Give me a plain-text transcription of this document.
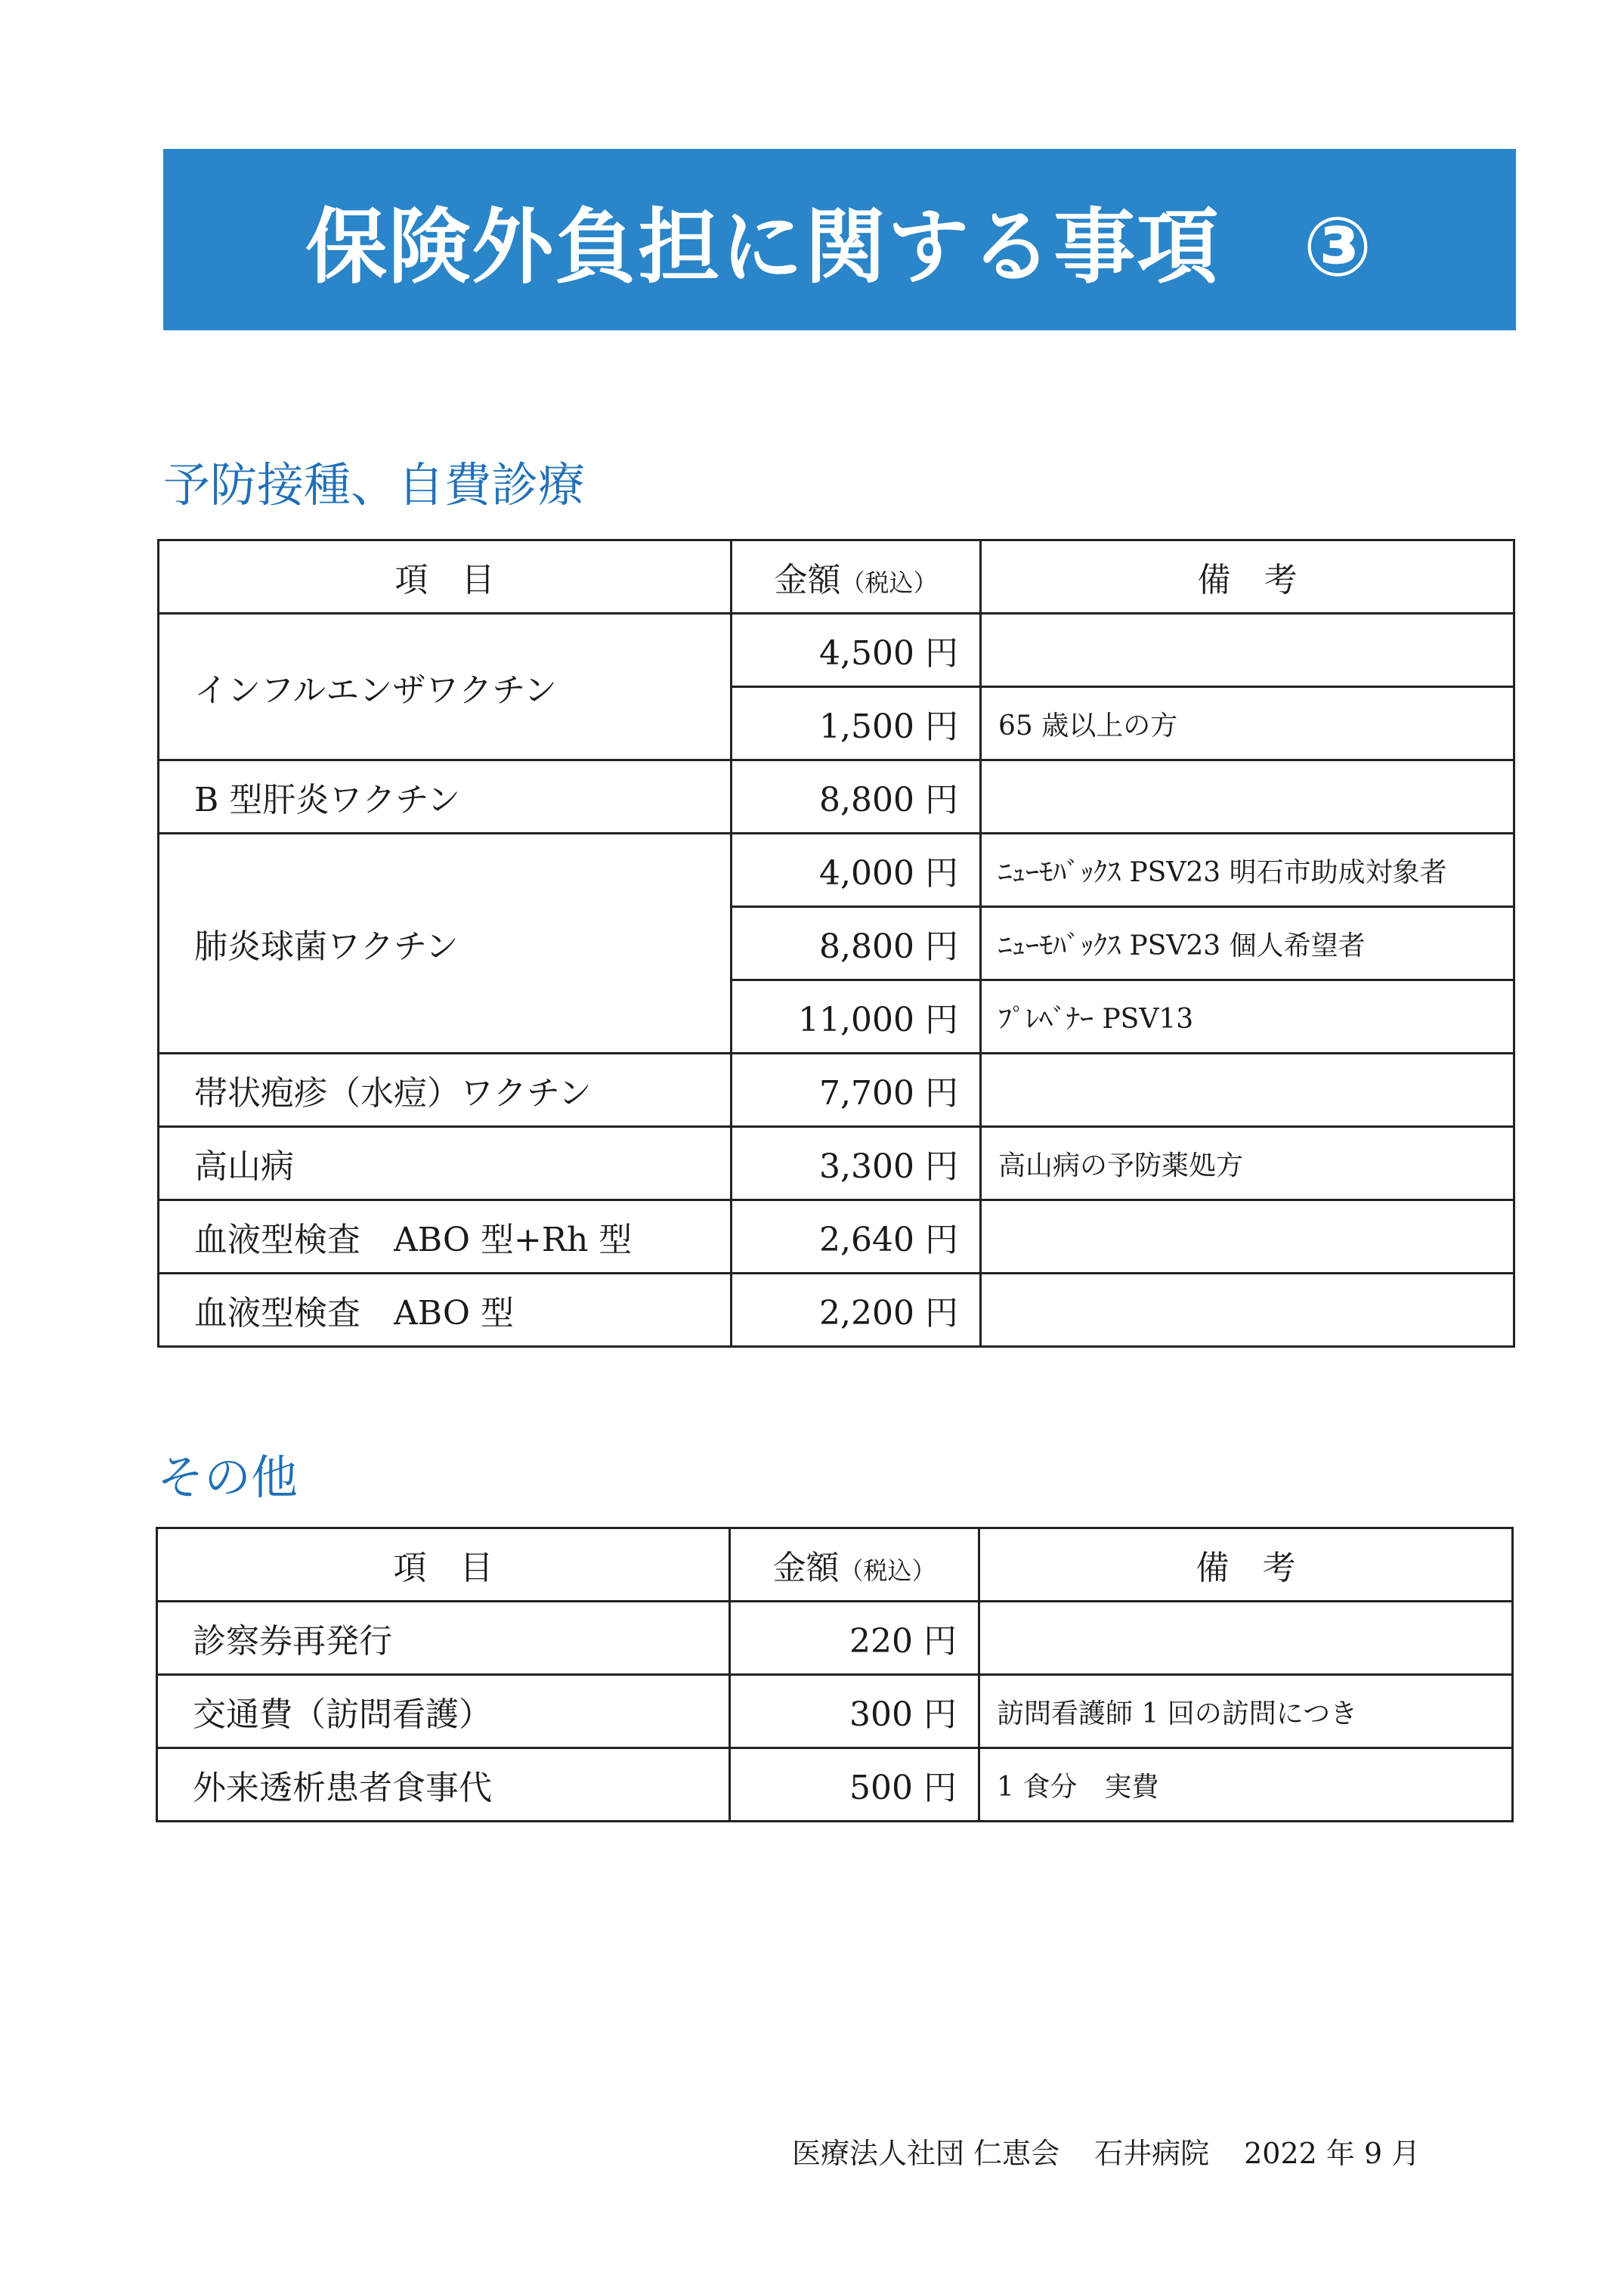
保険外負担に関する事項 ③
予防接種、自費診療
項　目	金額（税込）	備　考
インフルエンザワクチン	4,500 円	
	1,500 円	65 歳以上の方
B 型肝炎ワクチン	8,800 円	
肺炎球菌ワクチン	4,000 円	ﾆｭｰﾓﾊﾞｯｸｽ PSV23 明石市助成対象者
	8,800 円	ﾆｭｰﾓﾊﾞｯｸｽ PSV23 個人希望者
	11,000 円	ﾌﾟﾚﾍﾞﾅｰ PSV13
帯状疱疹（水痘）ワクチン	7,700 円	
高山病	3,300 円	高山病の予防薬処方
血液型検査　ABO 型+Rh 型	2,640 円	
血液型検査　ABO 型	2,200 円	
その他
項　目	金額（税込）	備　考
診察券再発行	220 円	
交通費（訪問看護）	300 円	訪問看護師 1 回の訪問につき
外来透析患者食事代	500 円	1 食分　実費
医療法人社団 仁恵会 石井病院 2022 年 9 月
